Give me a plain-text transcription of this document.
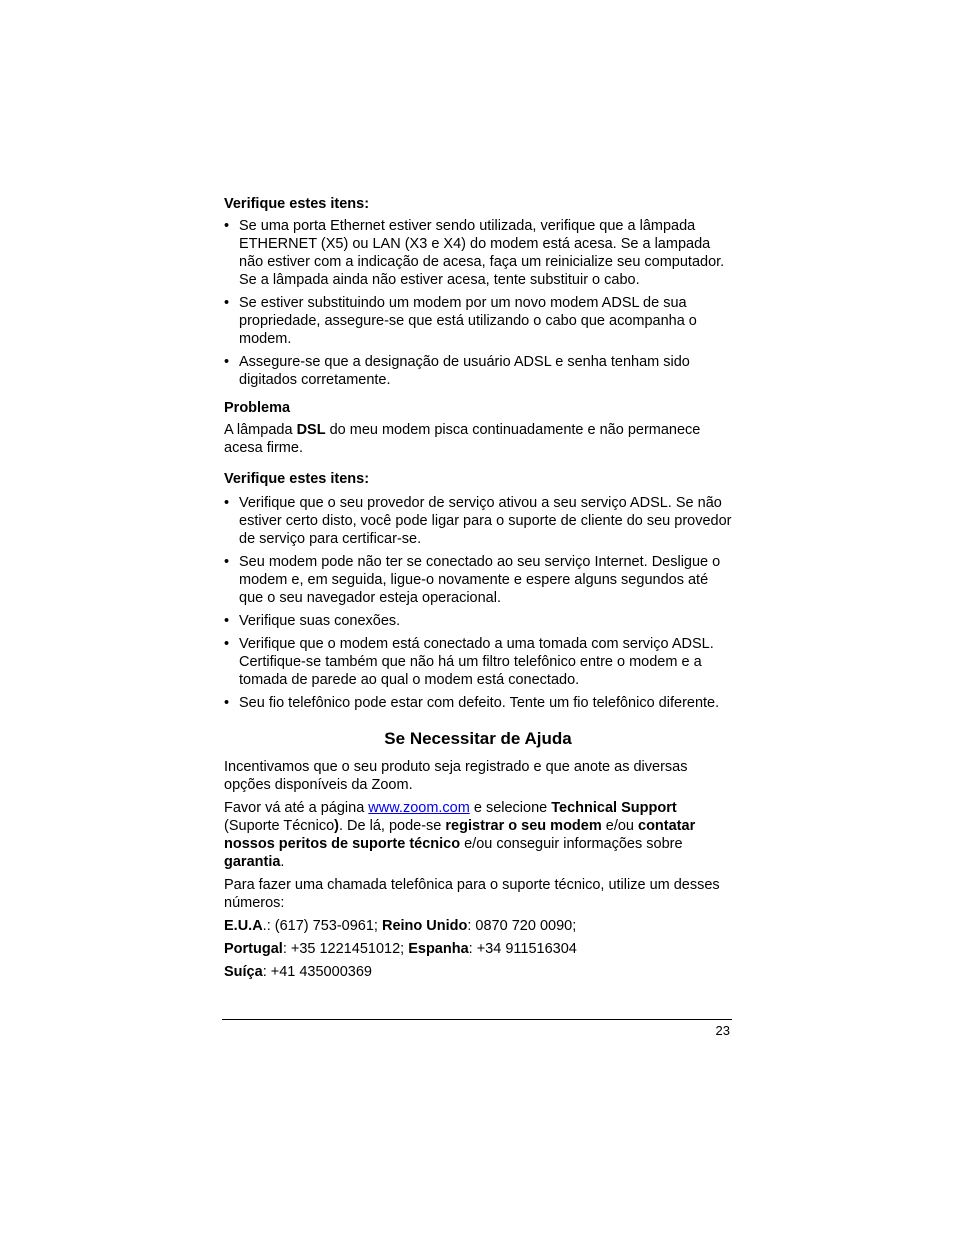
Verifique estes itens:
• Se uma porta Ethernet estiver sendo utilizada, verifique que a lâmpada ETHERNET (X5) ou LAN (X3 e X4) do modem está acesa. Se a lampada não estiver com a indicação de acesa, faça um reinicialize seu computador. Se a lâmpada ainda não estiver acesa, tente substituir o cabo.
• Se estiver substituindo um modem por um novo modem ADSL de sua propriedade, assegure-se que está utilizando o cabo que acompanha o modem.
• Assegure-se que a designação de usuário ADSL e senha tenham sido digitados corretamente.
Problema

A lâmpada DSL do meu modem pisca continuadamente e não permanece acesa firme.

Verifique estes itens:
• Verifique que o seu provedor de serviço ativou a seu serviço ADSL. Se não estiver certo disto, você pode ligar para o suporte de cliente do seu provedor de serviço para certificar-se.
• Seu modem pode não ter se conectado ao seu serviço Internet. Desligue o modem e, em seguida, ligue-o novamente e espere alguns segundos até que o seu navegador esteja operacional.
• Verifique suas conexões.
• Verifique que o modem está conectado a uma tomada com serviço ADSL. Certifique-se também que não há um filtro telefônico entre o modem e a tomada de parede ao qual o modem está conectado.
• Seu fio telefônico pode estar com defeito. Tente um fio telefônico diferente.
Se Necessitar de Ajuda

Incentivamos que o seu produto seja registrado e que anote as diversas opções disponíveis da Zoom.

Favor vá até a página www.zoom.com e selecione Technical Support (Suporte Técnico). De lá, pode-se registrar o seu modem e/ou contatar nossos peritos de suporte técnico e/ou conseguir informações sobre garantia.

Para fazer uma chamada telefônica para o suporte técnico, utilize um desses números:

E.U.A.: (617) 753-0961; Reino Unido: 0870 720 0090;

Portugal: +35 1221451012; Espanha: +34 911516304

Suíça: +41 435000369

23
